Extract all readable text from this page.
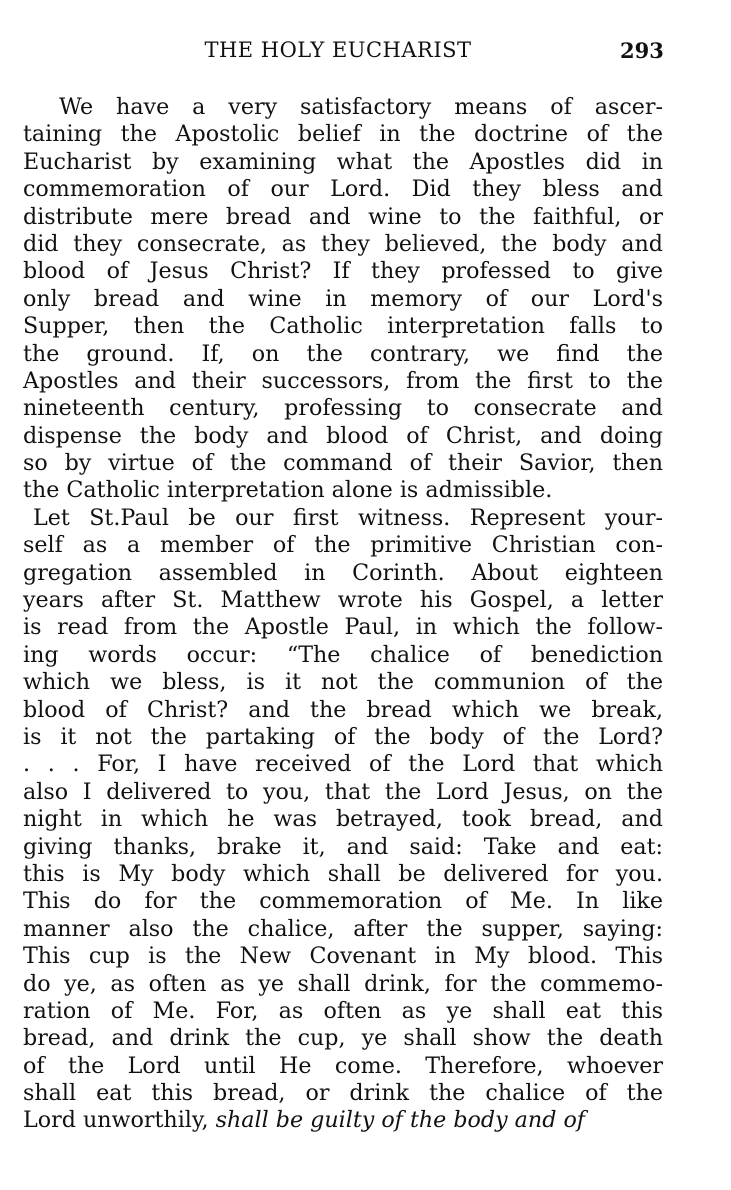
THE HOLY EUCHARIST	293
We have a very satisfactory means of ascer-
taining the Apostolic belief in the doctrine of the
Eucharist by examining what the Apostles did in
commemoration of our Lord. Did they bless and
distribute mere bread and wine to the faithful, or
did they consecrate, as they believed, the body and
blood of Jesus Christ? If they professed to give
only bread and wine in memory of our Lord's
Supper, then the Catholic interpretation falls to
the ground. If, on the contrary, we find the
Apostles and their successors, from the first to the
nineteenth century, professing to consecrate and
dispense the body and blood of Christ, and doing
so by virtue of the command of their Savior, then
the Catholic interpretation alone is admissible.
Let St.Paul be our first witness. Represent your-
self as a member of the primitive Christian con-
gregation assembled in Corinth. About eighteen
years after St. Matthew wrote his Gospel, a letter
is read from the Apostle Paul, in which the follow-
ing words occur: “The chalice of benediction
which we bless, is it not the communion of the
blood of Christ? and the bread which we break,
is it not the partaking of the body of the Lord?
. . . For, I have received of the Lord that which
also I delivered to you, that the Lord Jesus, on the
night in which he was betrayed, took bread, and
giving thanks, brake it, and said: Take and eat:
this is My body which shall be delivered for you.
This do for the commemoration of Me. In like
manner also the chalice, after the supper, saying:
This cup is the New Covenant in My blood. This
do ye, as often as ye shall drink, for the commemo-
ration of Me. For, as often as ye shall eat this
bread, and drink the cup, ye shall show the death
of the Lord until He come. Therefore, whoever
shall eat this bread, or drink the chalice of the
Lord unworthily, shall be guilty of the body and of
